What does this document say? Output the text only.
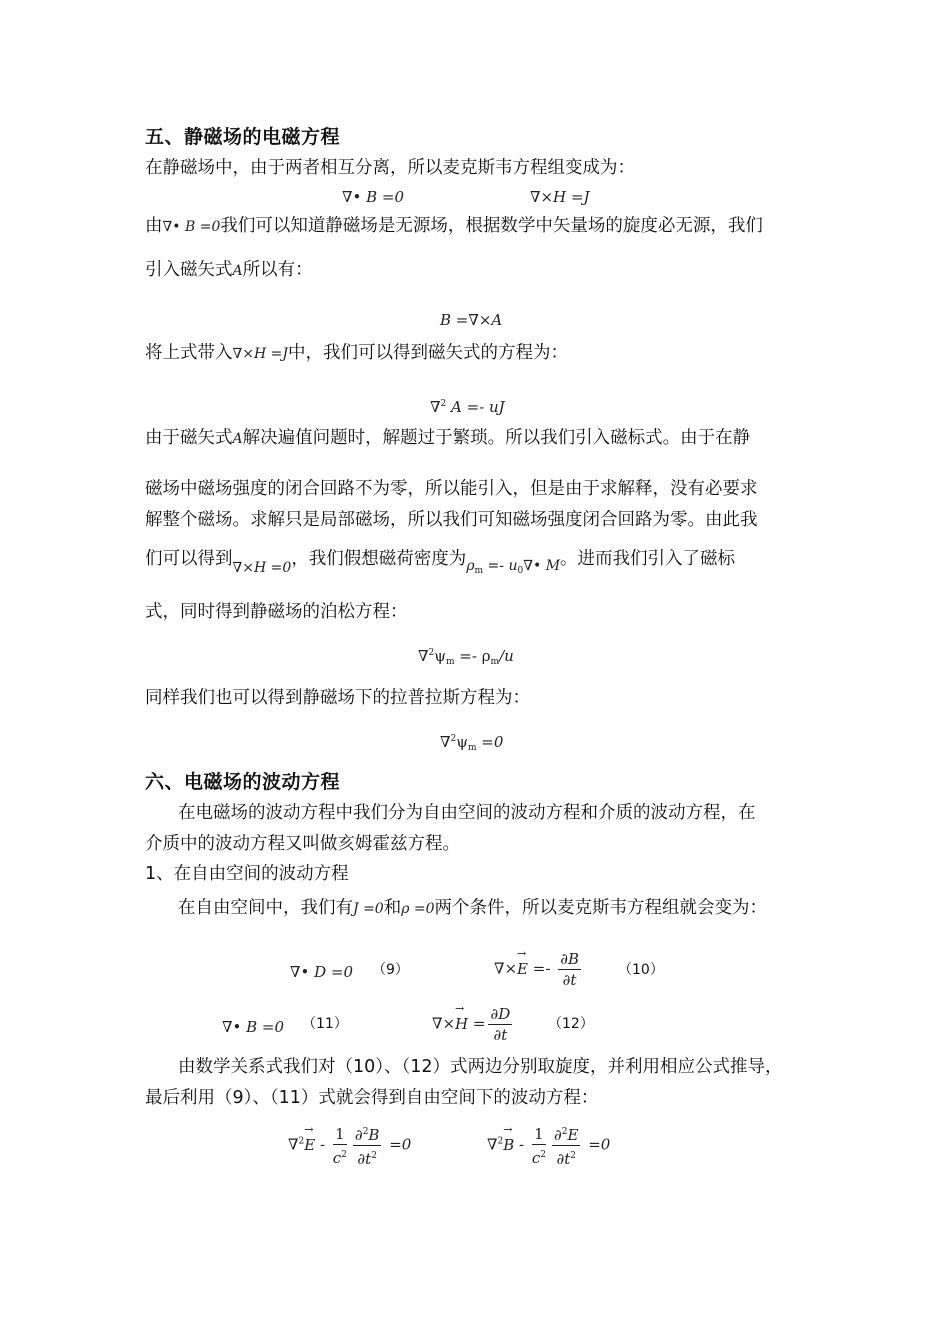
五、静磁场的电磁方程
在静磁场中，由于两者相互分离，所以麦克斯韦方程组变成为：
∇• B =0	∇×H =J
由∇• B =0我们可以知道静磁场是无源场，根据数学中矢量场的旋度必无源，我们
引入磁矢式A所以有：
B =∇×A
将上式带入∇×H =J中，我们可以得到磁矢式的方程为：
∇$^2$ A =- uJ
由于磁矢式A解决遍值问题时，解题过于繁琐。所以我们引入磁标式。由于在静
磁场中磁场强度的闭合回路不为零，所以能引入，但是由于求解释，没有必要求
解整个磁场。求解只是局部磁场，所以我们可知磁场强度闭合回路为零。由此我
们可以得到$_{\nabla\times H =0}$，我们假想磁荷密度为$_{\rho_m =- u_0\nabla• M}$。进而我们引入了磁标
式，同时得到静磁场的泊松方程：
$\nabla^2\psi_m =- \rho_m/u$
同样我们也可以得到静磁场下的拉普拉斯方程为：
$\nabla^2\psi_m =0$
六、电磁场的波动方程
在电磁场的波动方程中我们分为自由空间的波动方程和介质的波动方程，在
介质中的波动方程又叫做亥姆霍兹方程。
1、在自由空间的波动方程
在自由空间中，我们有J =0和ρ =0两个条件，所以麦克斯韦方程组就会变为：
∇• D =0 （9）	∇×→ $E =- \frac{\partial B}{\partial t}$	（10）
∇• B =0 （11）	∇×→ $H = \frac{\partial D}{\partial t}$	（12）
由数学关系式我们对（10）、（12）式两边分别取旋度，并利用相应公式推导，
最后利用（9）、（11）式就会得到自由空间下的波动方程：
$\nabla^2\to E - \frac{1}{c^2} \frac{\partial^2B}{\partial t^2} =0$	$\nabla^2\to B - \frac{1}{c^2} \frac{\partial^2E}{\partial t^2} =0$
